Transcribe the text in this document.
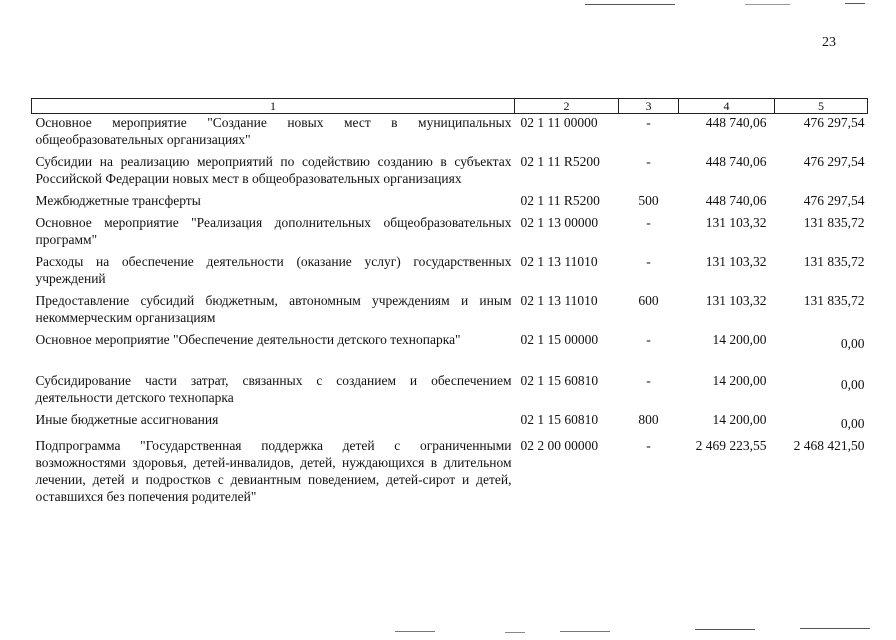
23
1	2	3	4	5
Основное мероприятие "Создание новых мест в муниципальных общеобразовательных организациях"	02 1 11 00000	-	448 740,06	476 297,54
Субсидии на реализацию мероприятий по содействию созданию в субъектах Российской Федерации новых мест в общеобразовательных организациях	02 1 11 R5200	-	448 740,06	476 297,54
Межбюджетные трансферты	02 1 11 R5200	500	448 740,06	476 297,54
Основное мероприятие "Реализация дополнительных общеобразовательных программ"	02 1 13 00000	-	131 103,32	131 835,72
Расходы на обеспечение деятельности (оказание услуг) государственных учреждений	02 1 13 11010	-	131 103,32	131 835,72
Предоставление субсидий бюджетным, автономным учреждениям и иным некоммерческим организациям	02 1 13 11010	600	131 103,32	131 835,72
Основное мероприятие "Обеспечение деятельности детского технопарка"	02 1 15 00000	-	14 200,00	0,00
Субсидирование части затрат, связанных с созданием и обеспечением деятельности детского технопарка	02 1 15 60810	-	14 200,00	0,00
Иные бюджетные ассигнования	02 1 15 60810	800	14 200,00	0,00
Подпрограмма "Государственная поддержка детей с ограниченными возможностями здоровья, детей-инвалидов, детей, нуждающихся в длительном лечении, детей и подростков с девиантным поведением, детей-сирот и детей, оставшихся без попечения родителей"	02 2 00 00000	-	2 469 223,55	2 468 421,50
